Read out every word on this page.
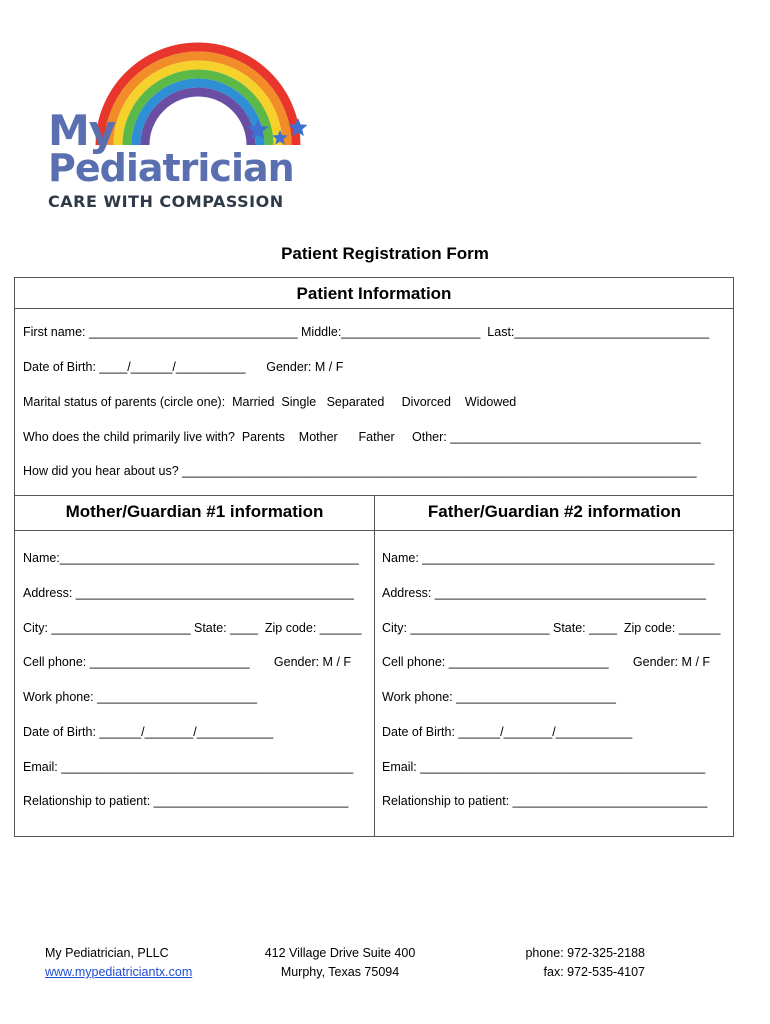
My
Pediatrician
CARE WITH COMPASSION
Patient Registration Form
Patient Information
First name: ______________________________ Middle:____________________  Last:____________________________
Date of Birth: ____/______/__________      Gender: M / F
Marital status of parents (circle one):  Married  Single   Separated     Divorced    Widowed
Who does the child primarily live with?  Parents    Mother      Father     Other: ____________________________________
How did you hear about us? __________________________________________________________________________
Mother/Guardian #1 information	Father/Guardian #2 information
Name:___________________________________________
Address: ________________________________________
City: ____________________ State: ____  Zip code: ______
Cell phone: _______________________       Gender: M / F
Work phone: _______________________
Date of Birth: ______/_______/___________
Email: __________________________________________
Relationship to patient: ____________________________
Name: __________________________________________
Address: _______________________________________
City: ____________________ State: ____  Zip code: ______
Cell phone: _______________________       Gender: M / F
Work phone: _______________________
Date of Birth: ______/_______/___________
Email: _________________________________________
Relationship to patient: ____________________________
My Pediatrician, PLLC
www.mypediatriciantx.com
412 Village Drive Suite 400
Murphy, Texas 75094
phone: 972-325-2188
fax: 972-535-4107
